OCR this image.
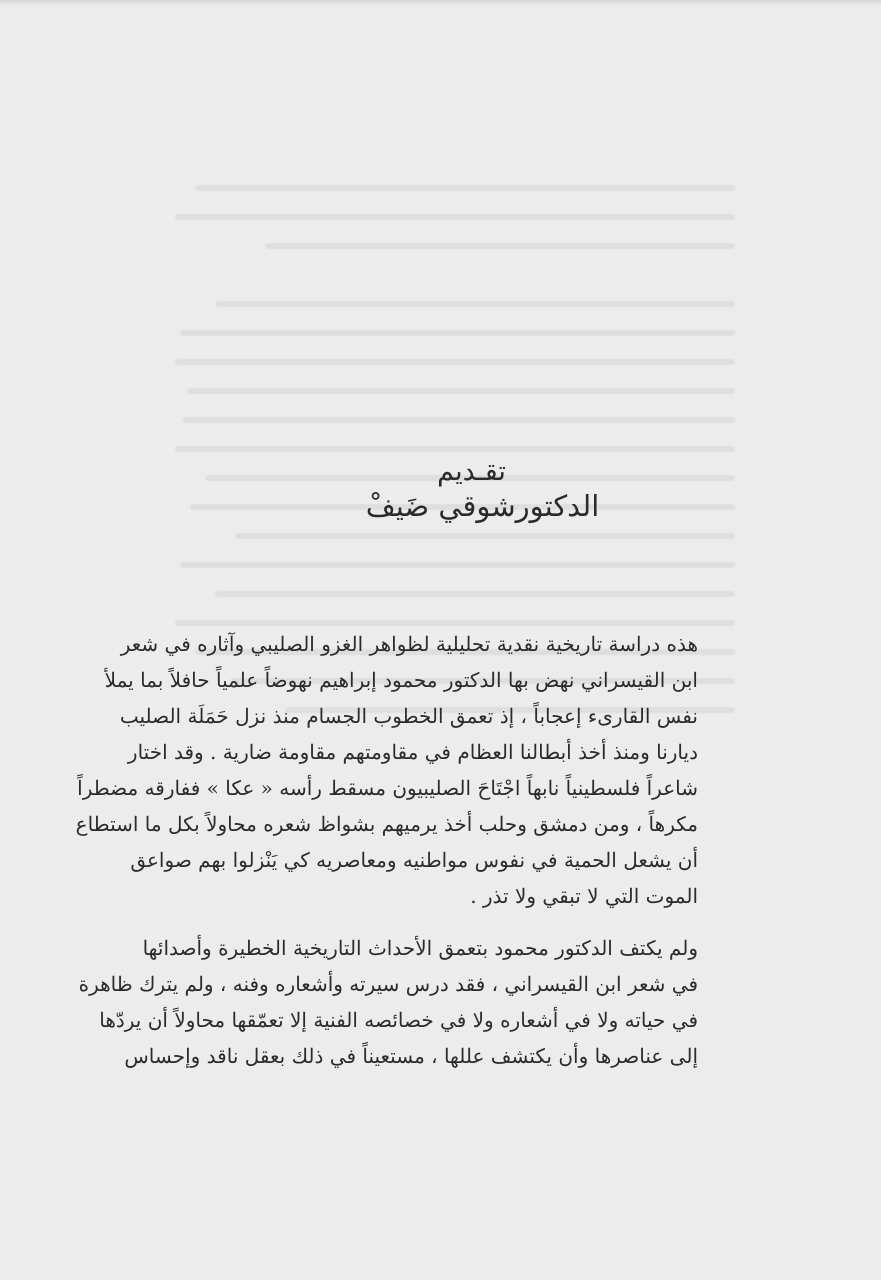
تقـديم
الدكتورشوقي ضَيفْ
هذه دراسة تاريخية نقدية تحليلية لظواهر الغزو الصليبي وآثاره في شعر
ابن القيسراني نهض بها الدكتور محمود إبراهيم نهوضاً علمياً حافلاً بما يملأ
نفس القارىء إعجاباً ، إذ تعمق الخطوب الجسام منذ نزل حَمَلَة الصليب
ديارنا ومنذ أخذ أبطالنا العظام في مقاومتهم مقاومة ضارية . وقد اختار
شاعراً فلسطينياً نابهاً اجْتَاحَ الصليبيون مسقط رأسه « عكا » ففارقه مضطراً
مكرهاً ، ومن دمشق وحلب أخذ يرميهم بشواظ شعره محاولاً بكل ما استطاع
أن يشعل الحمية في نفوس مواطنيه ومعاصريه كي يَنْزلوا بهم صواعق
الموت التي لا تبقي ولا تذر .
ولم يكتف الدكتور محمود بتعمق الأحداث التاريخية الخطيرة وأصدائها
في شعر ابن القيسراني ، فقد درس سيرته وأشعاره وفنه ، ولم يترك ظاهرة
في حياته ولا في أشعاره ولا في خصائصه الفنية إلا تعمّقها محاولاً أن يردّها
إلى عناصرها وأن يكتشف عللها ، مستعيناً في ذلك بعقل ناقد وإحساس
